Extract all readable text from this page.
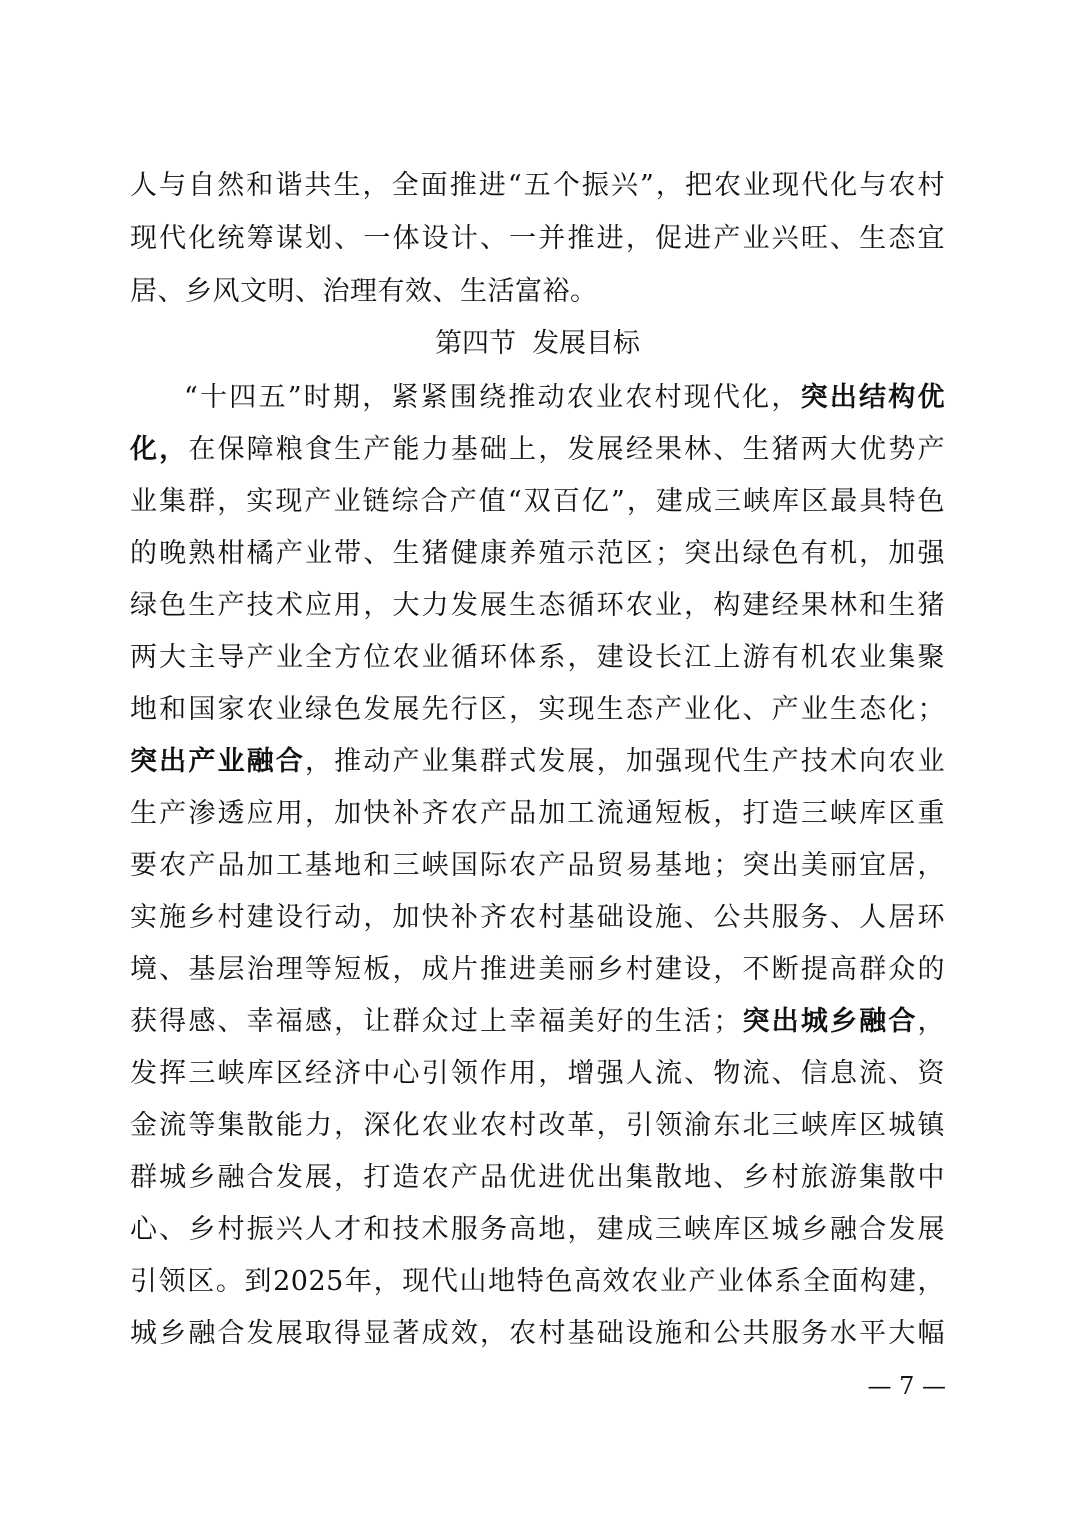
人与自然和谐共生，全面推进“五个振兴”，把农业现代化与农村
现代化统筹谋划、一体设计、一并推进，促进产业兴旺、生态宜
居、乡风文明、治理有效、生活富裕。
第四节 发展目标
“十四五”时期，紧紧围绕推动农业农村现代化，突出结构优
化，在保障粮食生产能力基础上，发展经果林、生猪两大优势产
业集群，实现产业链综合产值“双百亿”，建成三峡库区最具特色
的晚熟柑橘产业带、生猪健康养殖示范区；突出绿色有机，加强
绿色生产技术应用，大力发展生态循环农业，构建经果林和生猪
两大主导产业全方位农业循环体系，建设长江上游有机农业集聚
地和国家农业绿色发展先行区，实现生态产业化、产业生态化；
突出产业融合，推动产业集群式发展，加强现代生产技术向农业
生产渗透应用，加快补齐农产品加工流通短板，打造三峡库区重
要农产品加工基地和三峡国际农产品贸易基地；突出美丽宜居，
实施乡村建设行动，加快补齐农村基础设施、公共服务、人居环
境、基层治理等短板，成片推进美丽乡村建设，不断提高群众的
获得感、幸福感，让群众过上幸福美好的生活；突出城乡融合，
发挥三峡库区经济中心引领作用，增强人流、物流、信息流、资
金流等集散能力，深化农业农村改革，引领渝东北三峡库区城镇
群城乡融合发展，打造农产品优进优出集散地、乡村旅游集散中
心、乡村振兴人才和技术服务高地，建成三峡库区城乡融合发展
引领区。到2025年，现代山地特色高效农业产业体系全面构建，
城乡融合发展取得显著成效，农村基础设施和公共服务水平大幅
— 7 —
